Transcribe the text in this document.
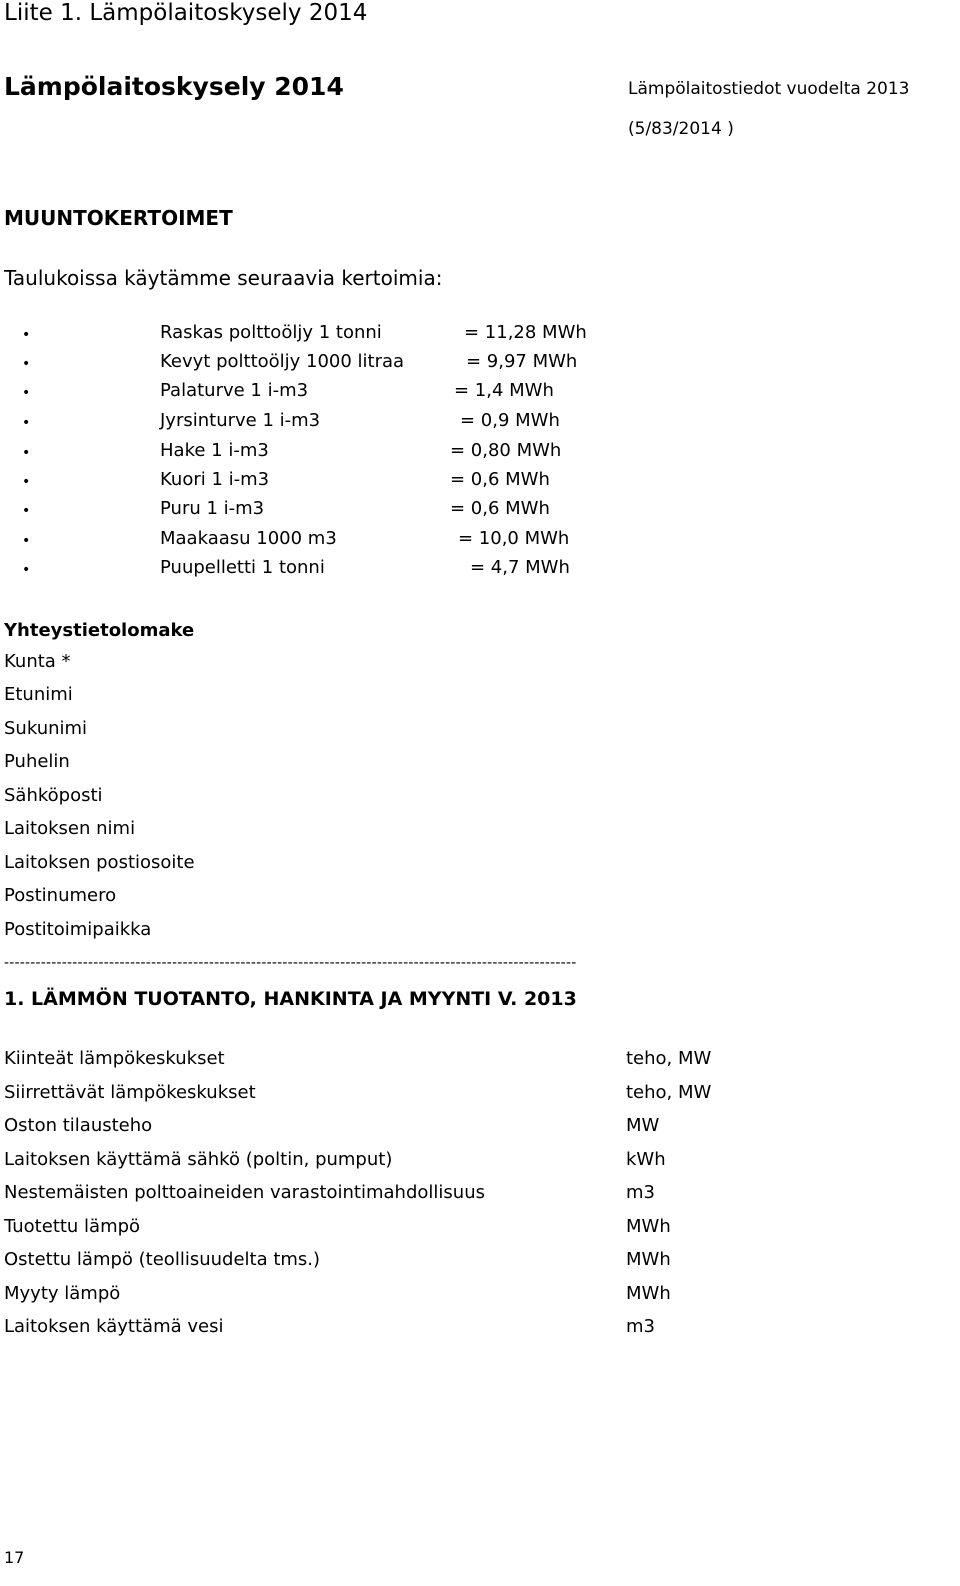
Liite 1. Lämpölaitoskysely 2014
Lämpölaitoskysely 2014	Lämpölaitostiedot vuodelta 2013
(5/83/2014 )
MUUNTOKERTOIMET
Taulukoissa käytämme seuraavia kertoimia:
•	Raskas polttoöljy 1 tonni	= 11,28 MWh
•	Kevyt polttoöljy 1000 litraa	= 9,97 MWh
•	Palaturve 1 i-m3	= 1,4 MWh
•	Jyrsinturve 1 i-m3	= 0,9 MWh
•	Hake 1 i-m3	= 0,80 MWh
•	Kuori 1 i-m3	= 0,6 MWh
•	Puru 1 i-m3	= 0,6 MWh
•	Maakaasu 1000 m3	= 10,0 MWh
•	Puupelletti 1 tonni	= 4,7 MWh
Yhteystietolomake
Kunta *
Etunimi
Sukunimi
Puhelin
Sähköposti
Laitoksen nimi
Laitoksen postiosoite
Postinumero
Postitoimipaikka
-------------------------------------------------------------------------------------------------------------
1. LÄMMÖN TUOTANTO, HANKINTA JA MYYNTI V. 2013
Kiinteät lämpökeskukset	teho, MW
Siirrettävät lämpökeskukset	teho, MW
Oston tilausteho	MW
Laitoksen käyttämä sähkö (poltin, pumput)	kWh
Nestemäisten polttoaineiden varastointimahdollisuus	m3
Tuotettu lämpö	MWh
Ostettu lämpö (teollisuudelta tms.)	MWh
Myyty lämpö	MWh
Laitoksen käyttämä vesi	m3
17
